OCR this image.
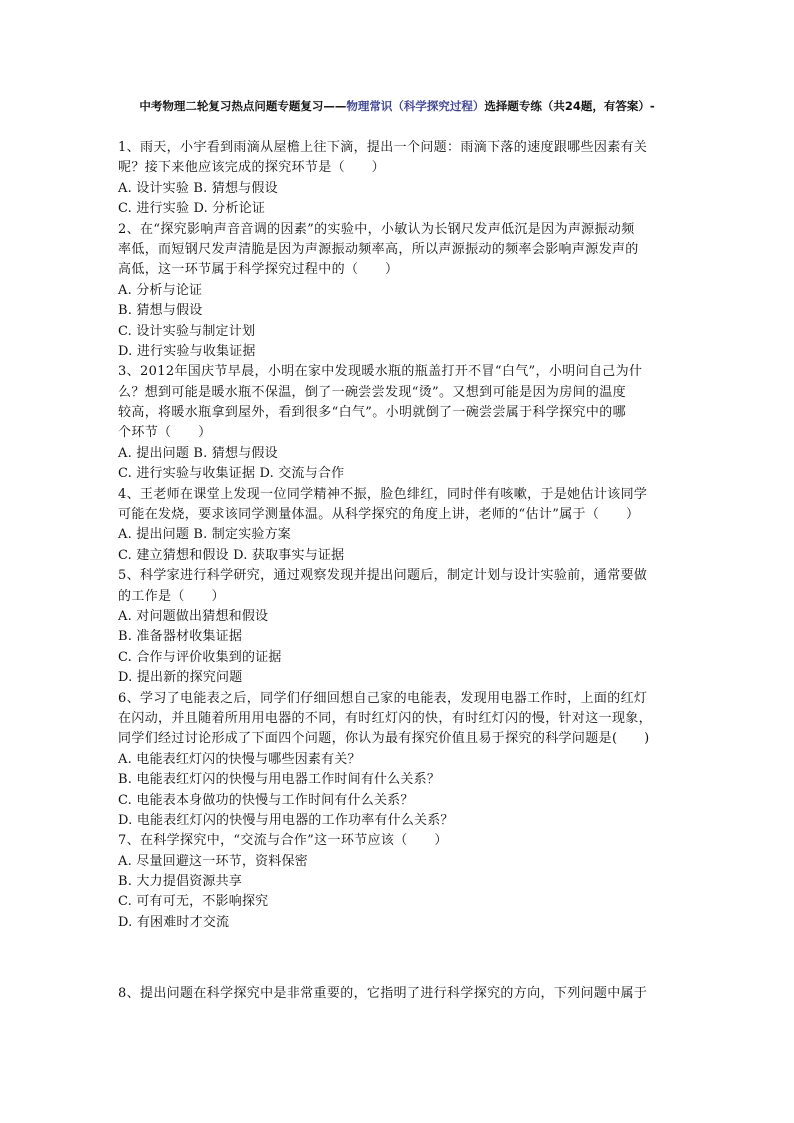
中考物理二轮复习热点问题专题复习——物理常识（科学探究过程）选择题专练（共24题，有答案）-
1、雨天，小宇看到雨滴从屋檐上往下滴，提出一个问题：雨滴下落的速度跟哪些因素有关
呢？接下来他应该完成的探究环节是（　　）
A. 设计实验 B. 猜想与假设
C. 进行实验 D. 分析论证
2、在“探究影响声音音调的因素”的实验中，小敏认为长钢尺发声低沉是因为声源振动频
率低，而短钢尺发声清脆是因为声源振动频率高，所以声源振动的频率会影响声源发声的
高低，这一环节属于科学探究过程中的（　　）
A. 分析与论证
B. 猜想与假设
C. 设计实验与制定计划
D. 进行实验与收集证据
3、2012年国庆节早晨，小明在家中发现暖水瓶的瓶盖打开不冒“白气”，小明问自己为什
么？想到可能是暖水瓶不保温，倒了一碗尝尝发现“烫”。又想到可能是因为房间的温度
较高，将暖水瓶拿到屋外，看到很多“白气”。小明就倒了一碗尝尝属于科学探究中的哪
个环节（　　）
A. 提出问题 B. 猜想与假设
C. 进行实验与收集证据 D. 交流与合作
4、王老师在课堂上发现一位同学精神不振，脸色绯红，同时伴有咳嗽，于是她估计该同学
可能在发烧，要求该同学测量体温。从科学探究的角度上讲，老师的“估计”属于（　　）
A. 提出问题 B. 制定实验方案
C. 建立猜想和假设 D. 获取事实与证据
5、科学家进行科学研究，通过观察发现并提出问题后，制定计划与设计实验前，通常要做
的工作是（　　）
A. 对问题做出猜想和假设
B. 准备器材收集证据
C. 合作与评价收集到的证据
D. 提出新的探究问题
6、学习了电能表之后，同学们仔细回想自己家的电能表，发现用电器工作时，上面的红灯
在闪动，并且随着所用用电器的不同，有时红灯闪的快，有时红灯闪的慢，针对这一现象，
同学们经过讨论形成了下面四个问题，你认为最有探究价值且易于探究的科学问题是(　　)
A. 电能表红灯闪的快慢与哪些因素有关？
B. 电能表红灯闪的快慢与用电器工作时间有什么关系？
C. 电能表本身做功的快慢与工作时间有什么关系？
D. 电能表红灯闪的快慢与用电器的工作功率有什么关系？
7、在科学探究中，“交流与合作”这一环节应该（　　）
A. 尽量回避这一环节，资料保密
B. 大力提倡资源共享
C. 可有可无，不影响探究
D. 有困难时才交流
8、提出问题在科学探究中是非常重要的，它指明了进行科学探究的方向，下列问题中属于
